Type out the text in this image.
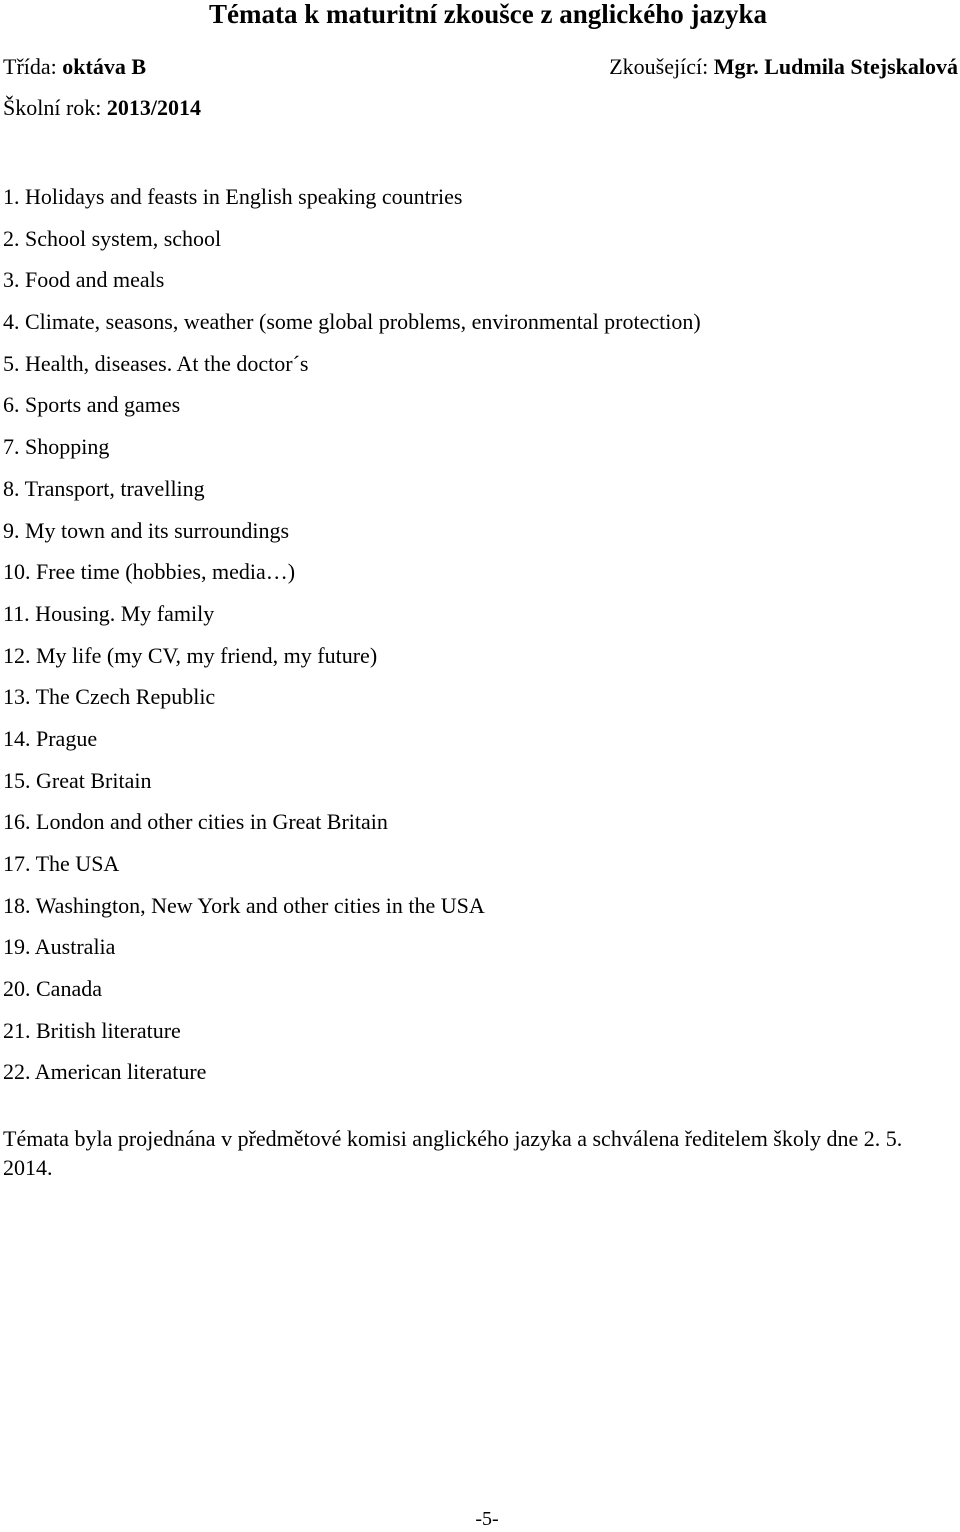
Témata k maturitní zkoušce z anglického jazyka
Třída: oktáva B	Zkoušející: Mgr. Ludmila Stejskalová
Školní rok: 2013/2014
1. Holidays and feasts in English speaking countries
2. School system, school
3. Food and meals
4. Climate, seasons, weather (some global problems, environmental protection)
5. Health, diseases. At the doctor´s
6. Sports and games
7. Shopping
8. Transport, travelling
9. My town and its surroundings
10. Free time (hobbies, media…)
11. Housing. My family
12. My life (my CV, my friend, my future)
13. The Czech Republic
14. Prague
15. Great Britain
16. London and other cities in Great Britain
17. The USA
18. Washington, New York and other cities in the USA
19. Australia
20. Canada
21. British literature
22. American literature
Témata byla projednána v předmětové komisi anglického jazyka a schválena ředitelem školy dne 2. 5. 2014.
-5-
